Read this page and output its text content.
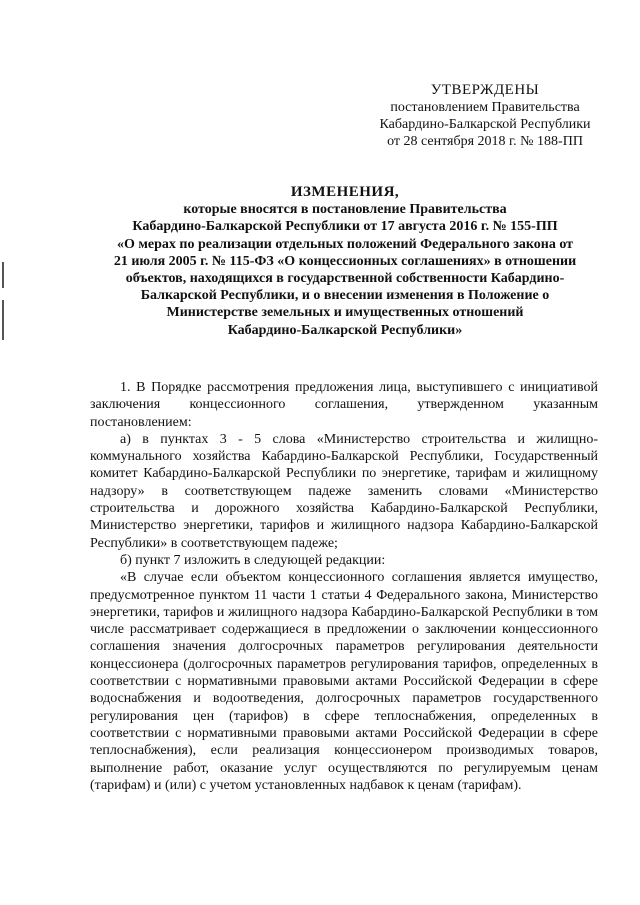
УТВЕРЖДЕНЫ
постановлением Правительства
Кабардино-Балкарской Республики
от 28 сентября 2018 г. № 188-ПП
ИЗМЕНЕНИЯ,
которые вносятся в постановление Правительства
Кабардино-Балкарской Республики от 17 августа 2016 г. № 155-ПП
«О мерах по реализации отдельных положений Федерального закона от
21 июля 2005 г. № 115-ФЗ «О концессионных соглашениях» в отношении
объектов, находящихся в государственной собственности Кабардино-
Балкарской Республики, и о внесении изменения в Положение о
Министерстве земельных и имущественных отношений
Кабардино-Балкарской Республики»

1. В Порядке рассмотрения предложения лица, выступившего с инициативой заключения концессионного соглашения, утвержденном указанным постановлением:

а) в пунктах 3 - 5 слова «Министерство строительства и жилищно-коммунального хозяйства Кабардино-Балкарской Республики, Государственный комитет Кабардино-Балкарской Республики по энергетике, тарифам и жилищному надзору» в соответствующем падеже заменить словами «Министерство строительства и дорожного хозяйства Кабардино-Балкарской Республики, Министерство энергетики, тарифов и жилищного надзора Кабардино-Балкарской Республики» в соответствующем падеже;

б) пункт 7 изложить в следующей редакции:

«В случае если объектом концессионного соглашения является имущество, предусмотренное пунктом 11 части 1 статьи 4 Федерального закона, Министерство энергетики, тарифов и жилищного надзора Кабардино-Балкарской Республики в том числе рассматривает содержащиеся в предложении о заключении концессионного соглашения значения долгосрочных параметров регулирования деятельности концессионера (долгосрочных параметров регулирования тарифов, определенных в соответствии с нормативными правовыми актами Российской Федерации в сфере водоснабжения и водоотведения, долгосрочных параметров государственного регулирования цен (тарифов) в сфере теплоснабжения, определенных в соответствии с нормативными правовыми актами Российской Федерации в сфере теплоснабжения), если реализация концессионером производимых товаров, выполнение работ, оказание услуг осуществляются по регулируемым ценам (тарифам) и (или) с учетом установленных надбавок к ценам (тарифам).
